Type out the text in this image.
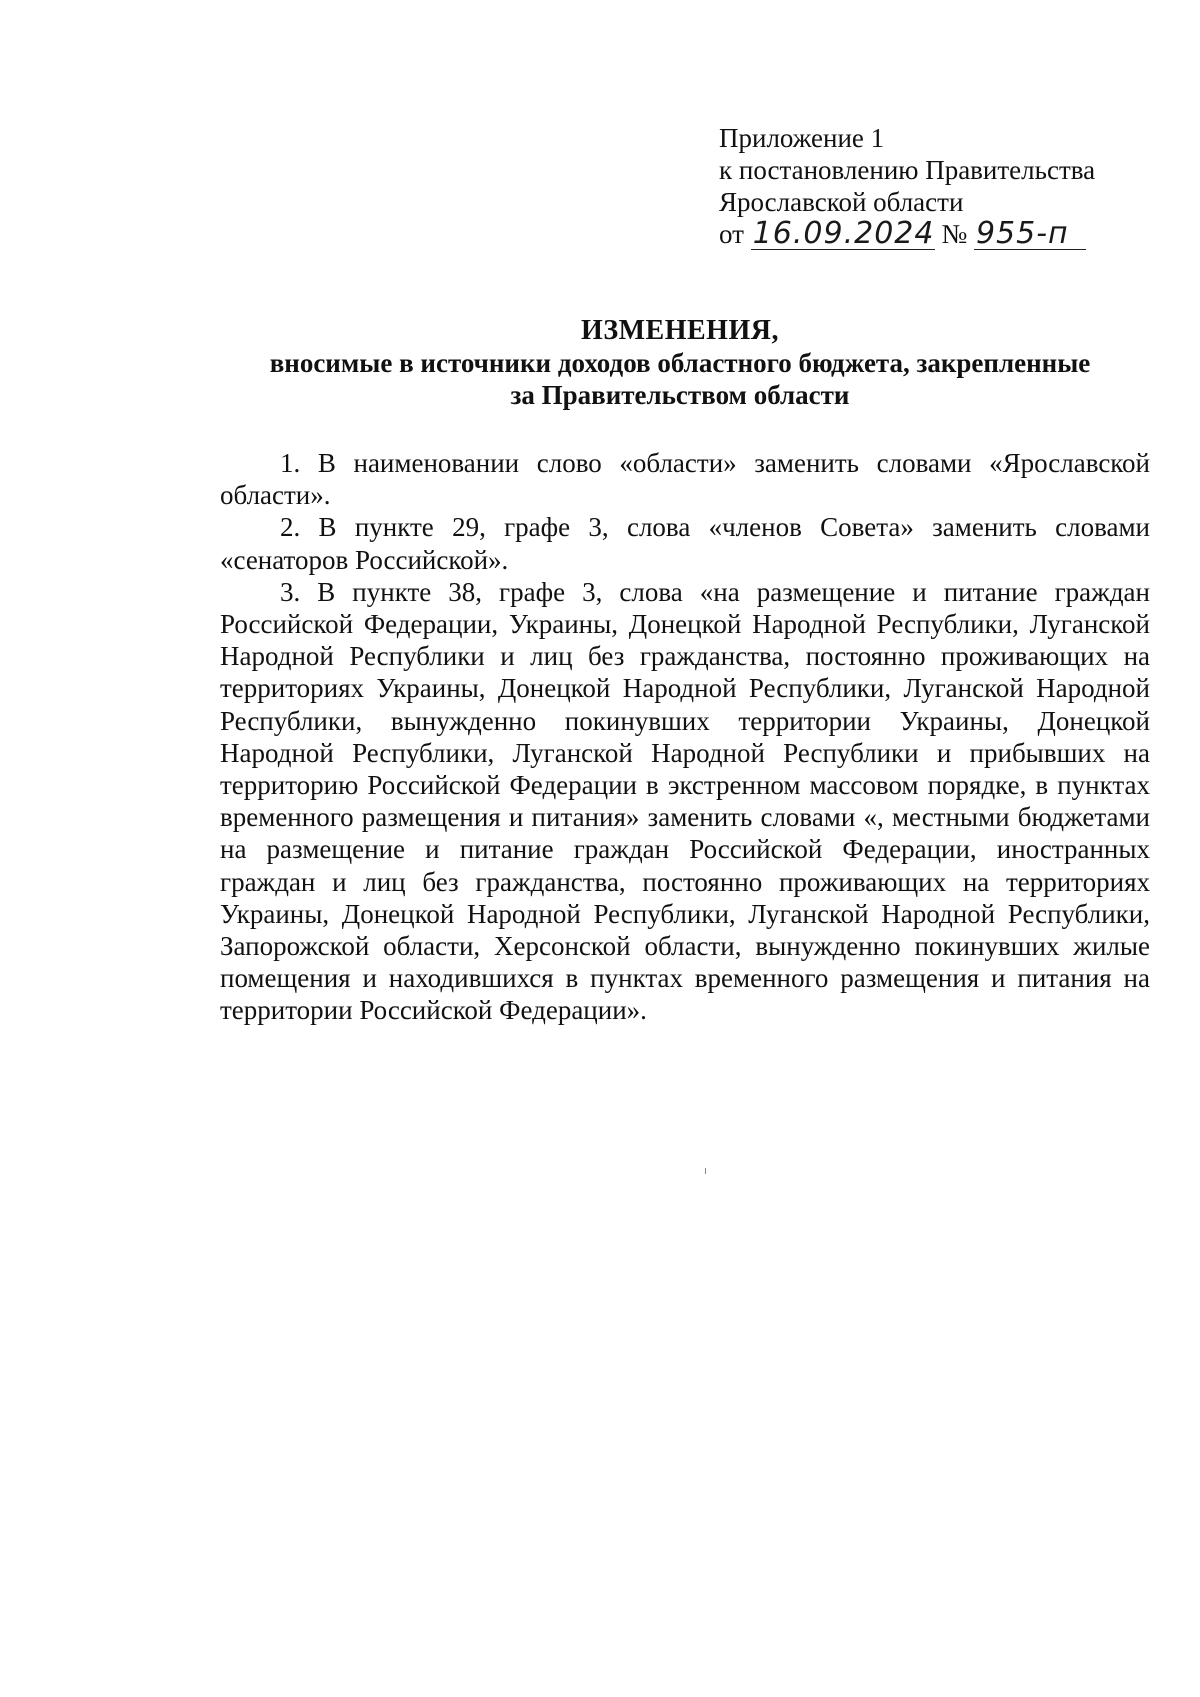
Приложение 1
к постановлению Правительства
Ярославской области
от 16.09.2024 № 955-п
ИЗМЕНЕНИЯ,
вносимые в источники доходов областного бюджета, закрепленные
за Правительством области

1. В наименовании слово «области» заменить словами «Ярославской области».

2. В пункте 29, графе 3, слова «членов Совета» заменить словами «сенаторов Российской».

3. В пункте 38, графе 3, слова «на размещение и питание граждан Российской Федерации, Украины, Донецкой Народной Республики, Луганской Народной Республики и лиц без гражданства, постоянно проживающих на территориях Украины, Донецкой Народной Республики, Луганской Народной Республики, вынужденно покинувших территории Украины, Донецкой Народной Республики, Луганской Народной Республики и прибывших на территорию Российской Федерации в экстренном массовом порядке, в пунктах временного размещения и питания» заменить словами «, местными бюджетами на размещение и питание граждан Российской Федерации, иностранных граждан и лиц без гражданства, постоянно проживающих на территориях Украины, Донецкой Народной Республики, Луганской Народной Республики, Запорожской области, Херсонской области, вынужденно покинувших жилые помещения и находившихся в пунктах временного размещения и питания на территории Российской Федерации».
